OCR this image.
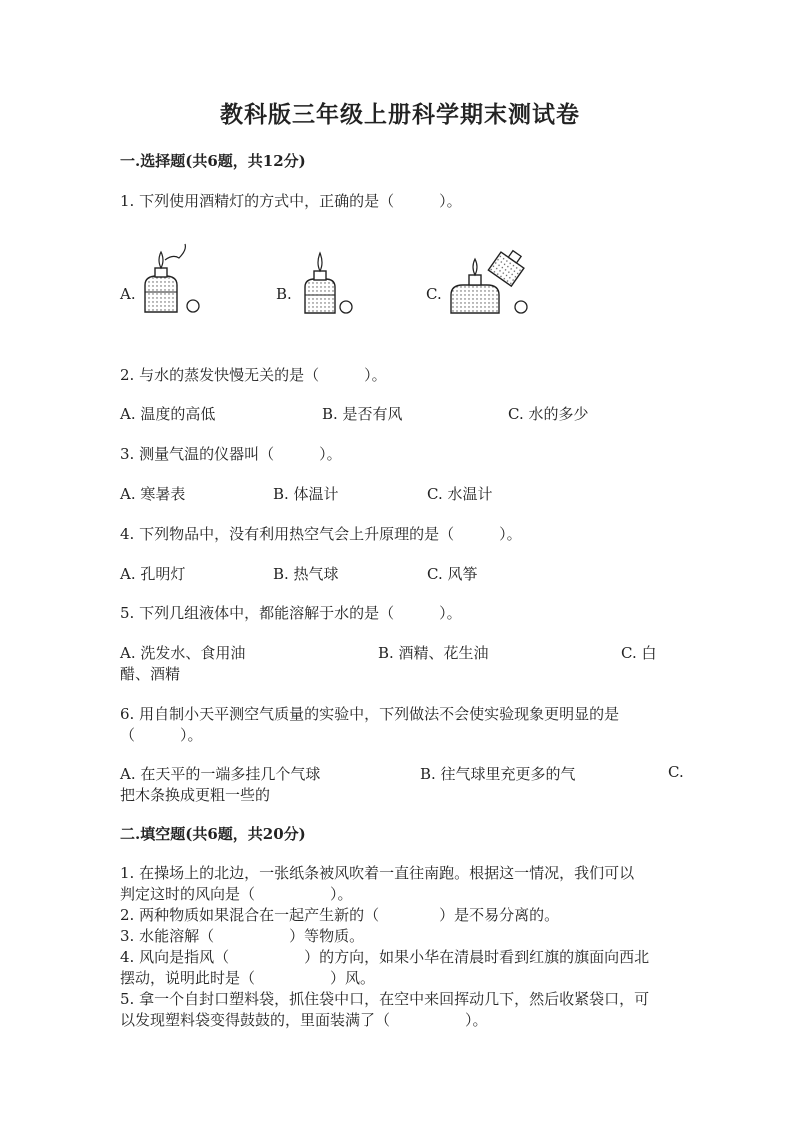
教科版三年级上册科学期末测试卷
一.选择题(共6题，共12分)
1. 下列使用酒精灯的方式中，正确的是（　　　）。
A.	B.	C.
2. 与水的蒸发快慢无关的是（　　　）。
A. 温度的高低	B. 是否有风	C. 水的多少
3. 测量气温的仪器叫（　　　）。
A. 寒暑表	B. 体温计	C. 水温计
4. 下列物品中，没有利用热空气会上升原理的是（　　　）。
A. 孔明灯	B. 热气球	C. 风筝
5. 下列几组液体中，都能溶解于水的是（　　　）。
A. 洗发水、食用油	B. 酒精、花生油	C. 白
醋、酒精
6. 用自制小天平测空气质量的实验中，下列做法不会使实验现象更明显的是
（　　　）。
A. 在天平的一端多挂几个气球	B. 往气球里充更多的气	C.
把木条换成更粗一些的
二.填空题(共6题，共20分)
1. 在操场上的北边，一张纸条被风吹着一直往南跑。根据这一情况，我们可以
判定这时的风向是（　　　　　）。
2. 两种物质如果混合在一起产生新的（　　　　）是不易分离的。
3. 水能溶解（　　　　　）等物质。
4. 风向是指风（　　　　　）的方向，如果小华在清晨时看到红旗的旗面向西北
摆动，说明此时是（　　　　　）风。
5. 拿一个自封口塑料袋，抓住袋中口，在空中来回挥动几下，然后收紧袋口，可
以发现塑料袋变得鼓鼓的，里面装满了（　　　　　）。
